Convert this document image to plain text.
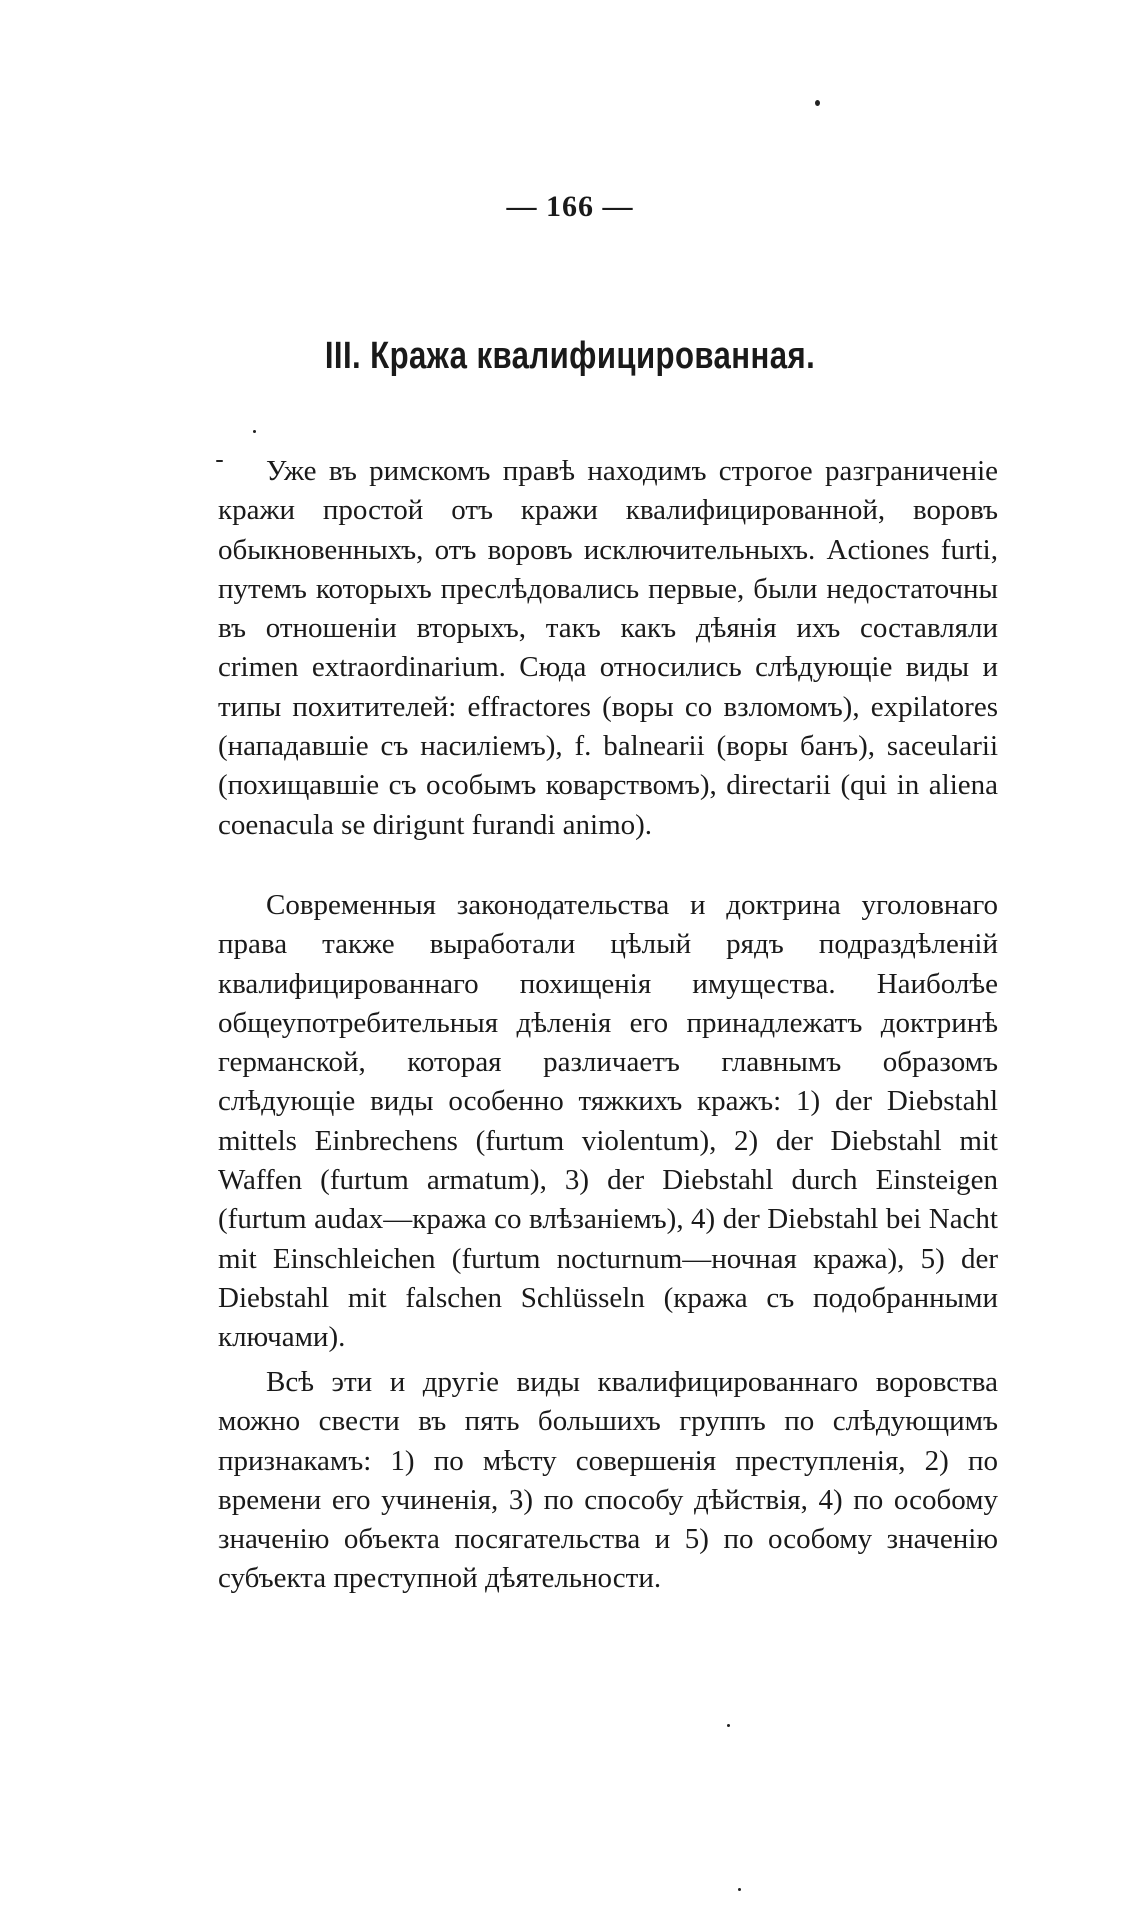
— 166 —
III. Кража квалифицированная.

Уже въ римскомъ правѣ находимъ строгое разграниченіе кражи простой отъ кражи квалифицированной, воровъ обыкновенныхъ, отъ воровъ исключительныхъ. Actiones furti, путемъ которыхъ преслѣдовались первые, были недостаточны въ отношеніи вторыхъ, такъ какъ дѣянія ихъ составляли crimen extraordinarium. Сюда относились слѣдующіе виды и типы похитителей: effractores (воры со взломомъ), expilatores (нападавшіе съ насиліемъ), f. balnearii (воры банъ), saceularii (похищавшіе съ особымъ коварствомъ), directarii (qui in aliena coenacula se dirigunt furandi animo).

Современныя законодательства и доктрина уголовнаго права также выработали цѣлый рядъ подраздѣленій квалифицированнаго похищенія имущества. Наиболѣе общеупотребительныя дѣленія его принадлежатъ доктринѣ германской, которая различаетъ главнымъ образомъ слѣдующіе виды особенно тяжкихъ кражъ: 1) der Diebstahl mittels Einbrechens (furtum violentum), 2) der Diebstahl mit Waffen (furtum armatum), 3) der Diebstahl durch Einsteigen (furtum audax—кража со влѣзаніемъ), 4) der Diebstahl bei Nacht mit Einschleichen (furtum nocturnum—ночная кража), 5) der Diebstahl mit falschen Schlüsseln (кража съ подобранными ключами).

Всѣ эти и другіе виды квалифицированнаго воровства можно свести въ пять большихъ группъ по слѣдующимъ признакамъ: 1) по мѣсту совершенія преступленія, 2) по времени его учиненія, 3) по способу дѣйствія, 4) по особому значенію объекта посягательства и 5) по особому значенію субъекта преступной дѣятельности.
